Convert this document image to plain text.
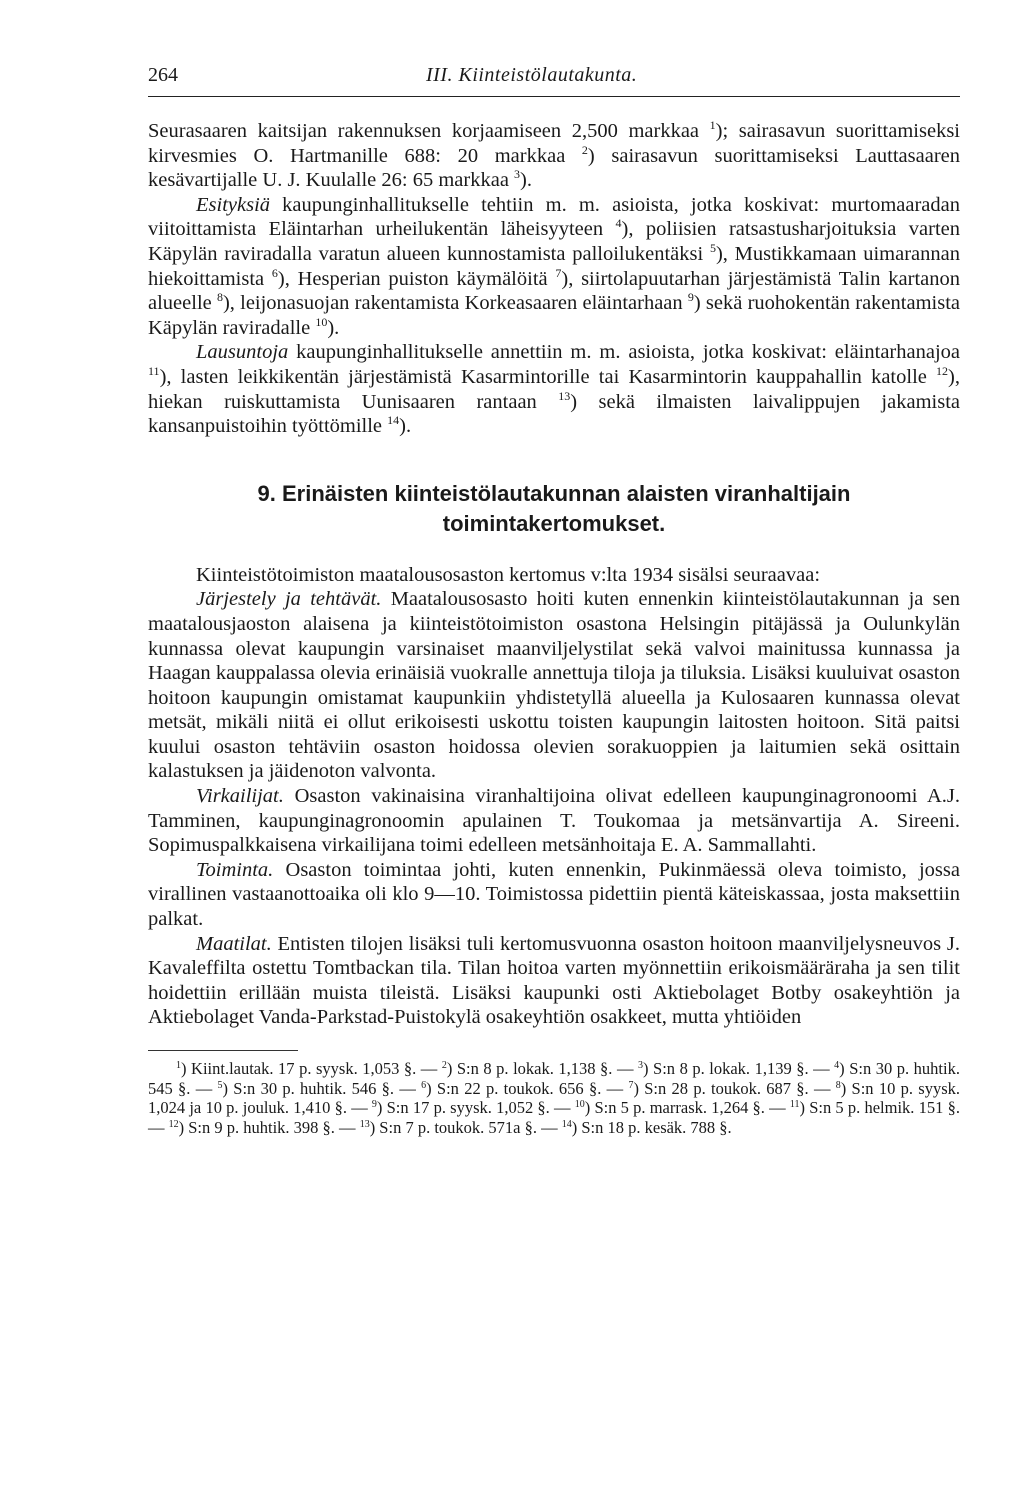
264	III. Kiinteistölautakunta.

Seurasaaren kaitsijan rakennuksen korjaamiseen 2,500 markkaa $^1$); sairasavun suorittamiseksi kirvesmies O. Hartmanille 688: 20 markkaa $^2$) sairasavun suorittamiseksi Lauttasaaren kesävartijalle U. J. Kuulalle 26: 65 markkaa $^3$).

Esityksiä kaupunginhallitukselle tehtiin m. m. asioista, jotka koskivat: murtomaaradan viitoittamista Eläintarhan urheilukentän läheisyyteen $^4$), poliisien ratsastusharjoituksia varten Käpylän raviradalla varatun alueen kunnostamista palloilukentäksi $^5$), Mustikkamaan uimarannan hiekoittamista $^6$), Hesperian puiston käymälöitä $^7$), siirtolapuutarhan järjestämistä Talin kartanon alueelle $^8$), leijonasuojan rakentamista Korkeasaaren eläintarhaan $^9$) sekä ruohokentän rakentamista Käpylän raviradalle $^{10}$).

Lausuntoja kaupunginhallitukselle annettiin m. m. asioista, jotka koskivat: eläintarhanajoa $^{11}$), lasten leikkikentän järjestämistä Kasarmintorille tai Kasarmintorin kauppahallin katolle $^{12}$), hiekan ruiskuttamista Uunisaaren rantaan $^{13}$) sekä ilmaisten laivalippujen jakamista kansanpuistoihin työttömille $^{14}$).

9. Erinäisten kiinteistölautakunnan alaisten viranhaltijain toimintakertomukset.

Kiinteistötoimiston maatalousosaston kertomus v:lta 1934 sisälsi seuraavaa:

Järjestely ja tehtävät. Maatalousosasto hoiti kuten ennenkin kiinteistölautakunnan ja sen maatalousjaoston alaisena ja kiinteistötoimiston osastona Helsingin pitäjässä ja Oulunkylän kunnassa olevat kaupungin varsinaiset maanviljelystilat sekä valvoi mainitussa kunnassa ja Haagan kauppalassa olevia erinäisiä vuokralle annettuja tiloja ja tiluksia. Lisäksi kuuluivat osaston hoitoon kaupungin omistamat kaupunkiin yhdistetyllä alueella ja Kulosaaren kunnassa olevat metsät, mikäli niitä ei ollut erikoisesti uskottu toisten kaupungin laitosten hoitoon. Sitä paitsi kuului osaston tehtäviin osaston hoidossa olevien sorakuoppien ja laitumien sekä osittain kalastuksen ja jäidenoton valvonta.

Virkailijat. Osaston vakinaisina viranhaltijoina olivat edelleen kaupunginagronoomi A.J. Tamminen, kaupunginagronoomin apulainen T. Toukomaa ja metsänvartija A. Sireeni. Sopimuspalkkaisena virkailijana toimi edelleen metsänhoitaja E. A. Sammallahti.

Toiminta. Osaston toimintaa johti, kuten ennenkin, Pukinmäessä oleva toimisto, jossa virallinen vastaanottoaika oli klo 9—10. Toimistossa pidettiin pientä käteiskassaa, josta maksettiin palkat.

Maatilat. Entisten tilojen lisäksi tuli kertomusvuonna osaston hoitoon maanviljelysneuvos J. Kavaleffilta ostettu Tomtbackan tila. Tilan hoitoa varten myönnettiin erikoismääräraha ja sen tilit hoidettiin erillään muista tileistä. Lisäksi kaupunki osti Aktiebolaget Botby osakeyhtiön ja Aktiebolaget Vanda-Parkstad-Puistokylä osakeyhtiön osakkeet, mutta yhtiöiden

$^1$) Kiint.lautak. 17 p. syysk. 1,053 §. — $^2$) S:n 8 p. lokak. 1,138 §. — $^3$) S:n 8 p. lokak. 1,139 §. — $^4$) S:n 30 p. huhtik. 545 §. — $^5$) S:n 30 p. huhtik. 546 §. — $^6$) S:n 22 p. toukok. 656 §. — $^7$) S:n 28 p. toukok. 687 §. — $^8$) S:n 10 p. syysk. 1,024 ja 10 p. jouluk. 1,410 §. — $^9$) S:n 17 p. syysk. 1,052 §. — $^{10}$) S:n 5 p. marrask. 1,264 §. — $^{11}$) S:n 5 p. helmik. 151 §. — $^{12}$) S:n 9 p. huhtik. 398 §. — $^{13}$) S:n 7 p. toukok. 571a §. — $^{14}$) S:n 18 p. kesäk. 788 §.
